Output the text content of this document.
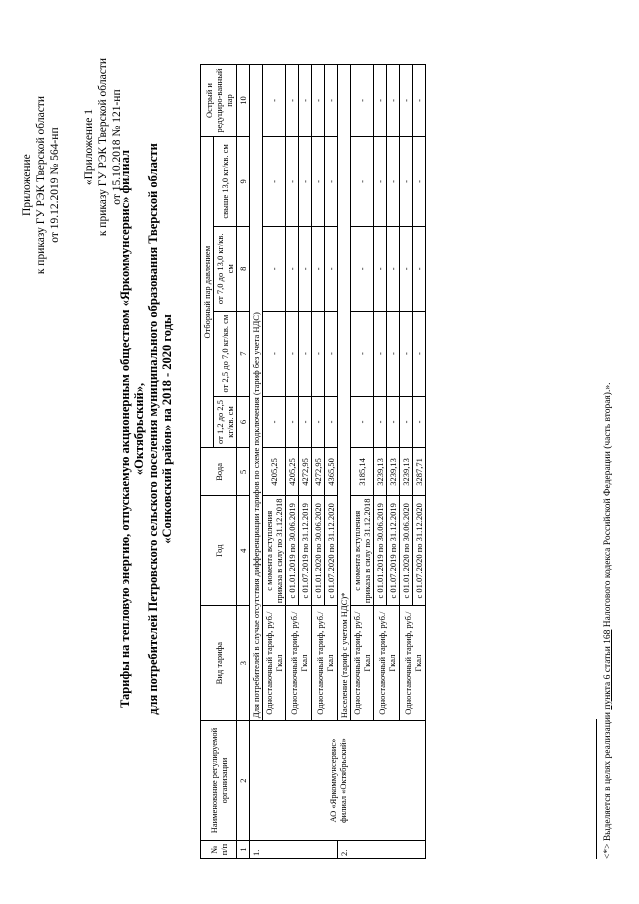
Приложение к приказу ГУ РЭК Тверской области от 19.12.2019 № 564-нп «Приложение 1 к приказу ГУ РЭК Тверской области от 15.10.2018 № 121-нп
Тарифы на тепловую энергию, отпускаемую акционерным обществом «Яркоммунсервис» филиал «Октябрьский», для потребителей Петровского сельского поселения муниципального образования Тверской области «Сонковский район» на 2018 - 2020 годы
№ п/п	Наименование регулируемой организации	Вид тарифа	Год	Вода	Отборный пар давлением				Острый и редуциро-ванный пар
					от 1,2 до 2,5 кг/кв. см	от 2,5 до 7,0 кг/кв. см	от 7,0 до 13,0 кг/кв. см	свыше 13,0 кг/кв. см	
1	2	3	4	5	6	7	8	9	10
1.	АО «Яркоммунсервис» филиал «Октябрьский»	Для потребителей в случае отсутствия дифференциации тарифов по схеме подключения (тариф без учета НДС)							
		Одноставочный тариф, руб./Гкал	с момента вступления приказа в силу по 31.12.2018	4205,25	-	-	-	-	-
		Одноставочный тариф, руб./Гкал	с 01.01.2019 по 30.06.2019	4205,25	-	-	-	-	-
			с 01.07.2019 по 31.12.2019	4272,95	-	-	-	-	-
		Одноставочный тариф, руб./Гкал	с 01.01.2020 по 30.06.2020	4272,95	-	-	-	-	-
			с 01.07.2020 по 31.12.2020	4365,50	-	-	-	-	-
2.		Население (тариф с учетом НДС)*							
		Одноставочный тариф, руб./Гкал	с момента вступления приказа в силу по 31.12.2018	3185,14	-	-	-	-	-
		Одноставочный тариф, руб./Гкал	с 01.01.2019 по 30.06.2019	3239,13	-	-	-	-	-
			с 01.07.2019 по 31.12.2019	3239,13	-	-	-	-	-
		Одноставочный тариф, руб./Гкал	с 01.01.2020 по 30.06.2020	3239,13	-	-	-	-	-
			с 01.07.2020 по 31.12.2020	3287,71	-	-	-	-	-
<*> Выделяется в целях реализации пункта 6 статьи 168 Налогового кодекса Российской Федерации (часть вторая).».
